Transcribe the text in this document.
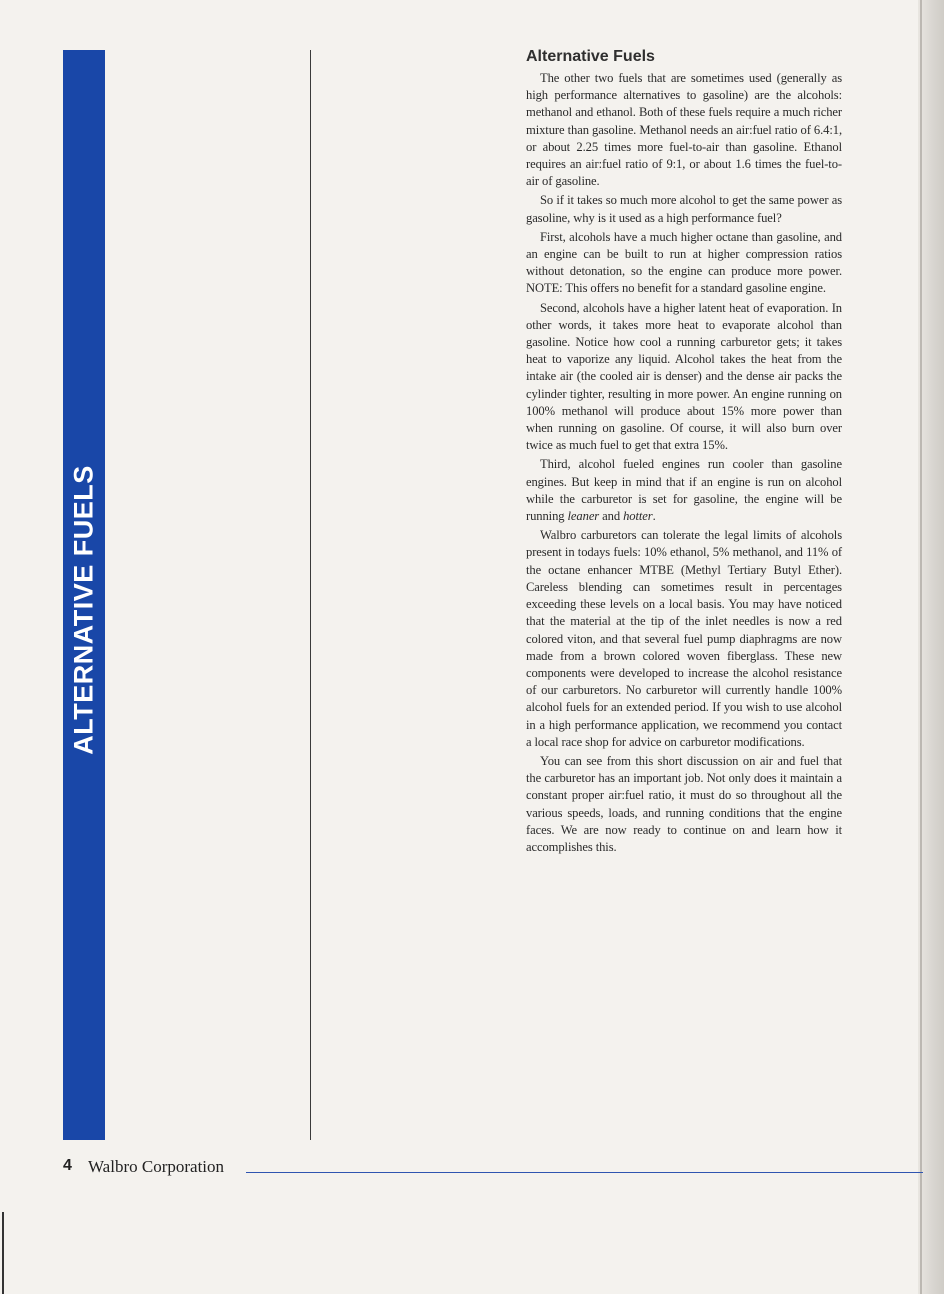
ALTERNATIVE FUELS
Alternative Fuels

The other two fuels that are sometimes used (generally as high performance alternatives to gasoline) are the alcohols: methanol and ethanol. Both of these fuels require a much richer mixture than gasoline. Methanol needs an air:fuel ratio of 6.4:1, or about 2.25 times more fuel-to-air than gasoline. Ethanol requires an air:fuel ratio of 9:1, or about 1.6 times the fuel-to-air of gasoline.

So if it takes so much more alcohol to get the same power as gasoline, why is it used as a high performance fuel?

First, alcohols have a much higher octane than gasoline, and an engine can be built to run at higher compression ratios without detonation, so the engine can produce more power. NOTE: This offers no benefit for a standard gasoline engine.

Second, alcohols have a higher latent heat of evaporation. In other words, it takes more heat to evaporate alcohol than gasoline. Notice how cool a running carburetor gets; it takes heat to vaporize any liquid. Alcohol takes the heat from the intake air (the cooled air is denser) and the dense air packs the cylinder tighter, resulting in more power. An engine running on 100% methanol will produce about 15% more power than when running on gasoline. Of course, it will also burn over twice as much fuel to get that extra 15%.

Third, alcohol fueled engines run cooler than gasoline engines. But keep in mind that if an engine is run on alcohol while the carburetor is set for gasoline, the engine will be running leaner and hotter.

Walbro carburetors can tolerate the legal limits of alcohols present in todays fuels: 10% ethanol, 5% methanol, and 11% of the octane enhancer MTBE (Methyl Tertiary Butyl Ether). Careless blending can sometimes result in percentages exceeding these levels on a local basis. You may have noticed that the material at the tip of the inlet needles is now a red colored viton, and that several fuel pump diaphragms are now made from a brown colored woven fiberglass. These new components were developed to increase the alcohol resistance of our carburetors. No carburetor will currently handle 100% alcohol fuels for an extended period. If you wish to use alcohol in a high performance application, we recommend you contact a local race shop for advice on carburetor modifications.

You can see from this short discussion on air and fuel that the carburetor has an important job. Not only does it maintain a constant proper air:fuel ratio, it must do so throughout all the various speeds, loads, and running conditions that the engine faces. We are now ready to continue on and learn how it accomplishes this.

4 Walbro Corporation
